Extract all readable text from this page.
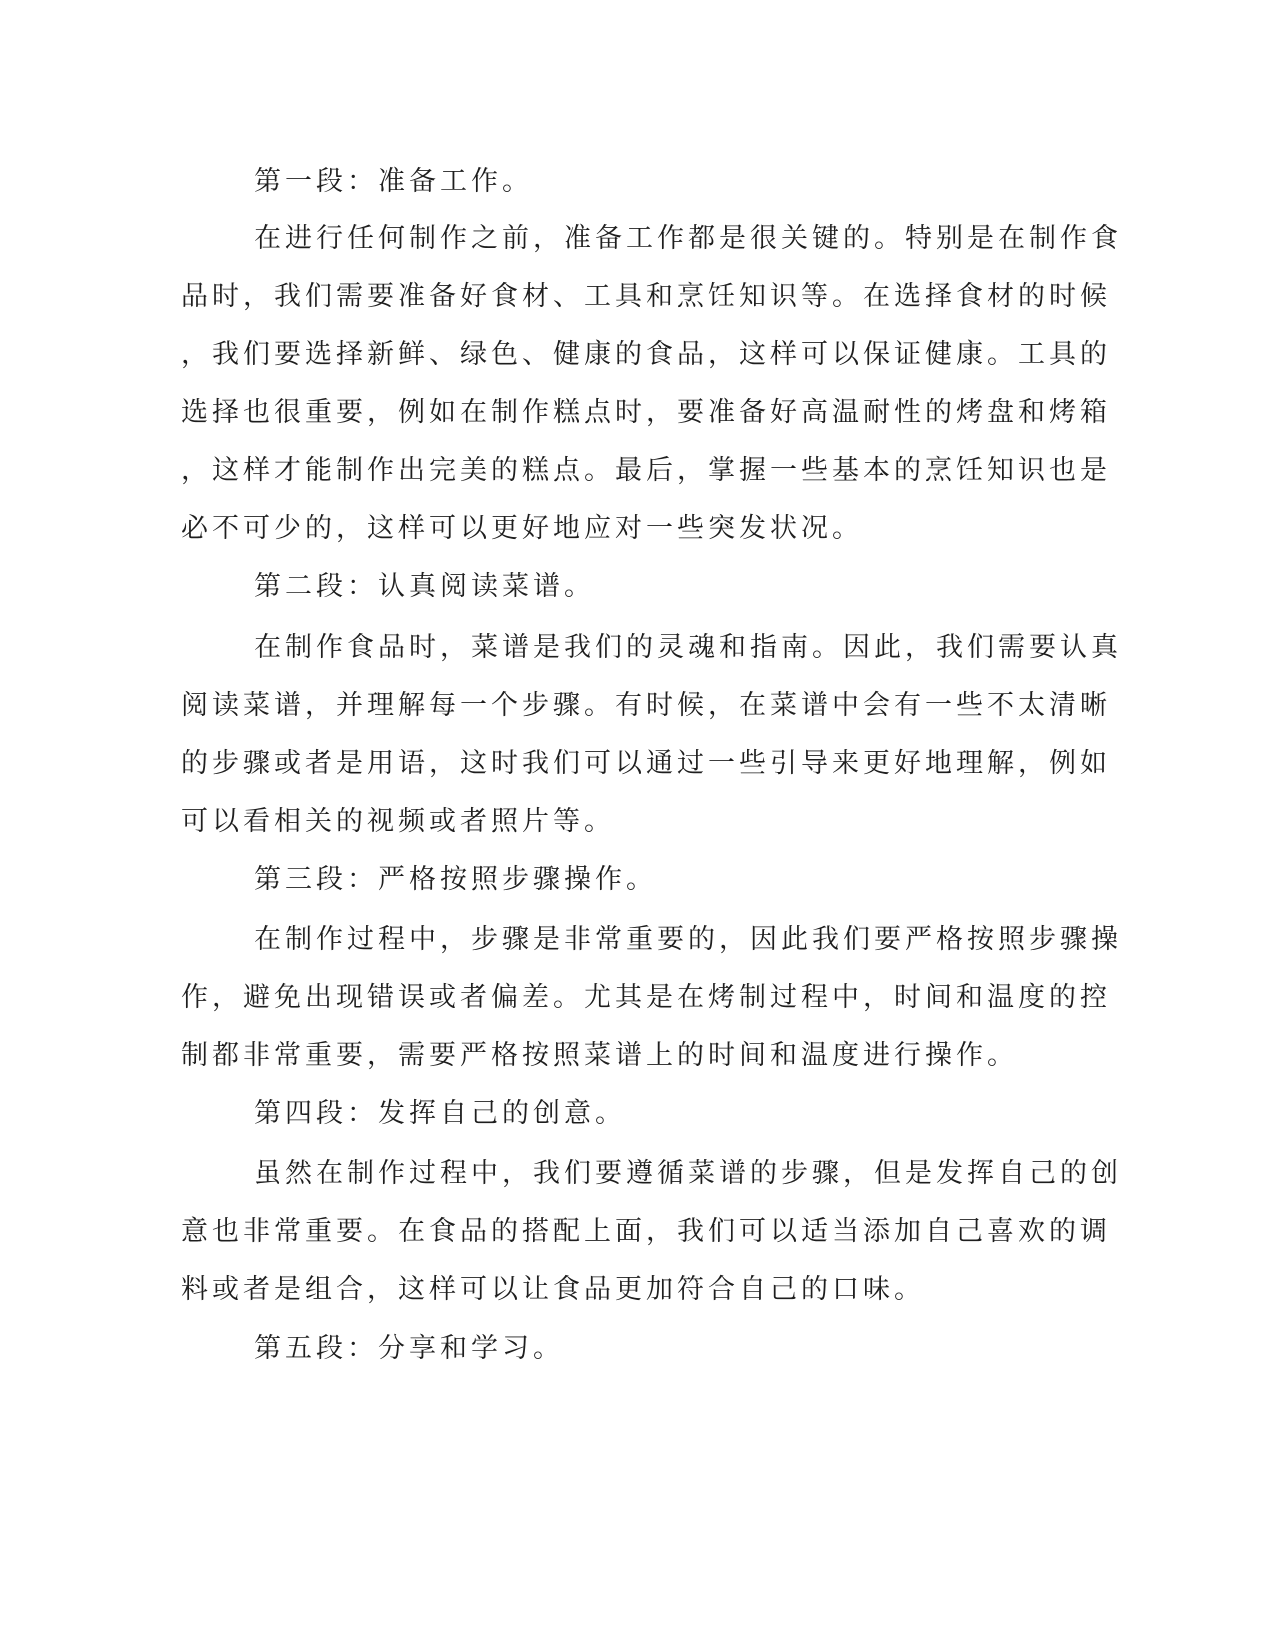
第一段：准备工作。
在进行任何制作之前，准备工作都是很关键的。特别是在制作食
品时，我们需要准备好食材、工具和烹饪知识等。在选择食材的时候
，我们要选择新鲜、绿色、健康的食品，这样可以保证健康。工具的
选择也很重要，例如在制作糕点时，要准备好高温耐性的烤盘和烤箱
，这样才能制作出完美的糕点。最后，掌握一些基本的烹饪知识也是
必不可少的，这样可以更好地应对一些突发状况。
第二段：认真阅读菜谱。
在制作食品时，菜谱是我们的灵魂和指南。因此，我们需要认真
阅读菜谱，并理解每一个步骤。有时候，在菜谱中会有一些不太清晰
的步骤或者是用语，这时我们可以通过一些引导来更好地理解，例如
可以看相关的视频或者照片等。
第三段：严格按照步骤操作。
在制作过程中，步骤是非常重要的，因此我们要严格按照步骤操
作，避免出现错误或者偏差。尤其是在烤制过程中，时间和温度的控
制都非常重要，需要严格按照菜谱上的时间和温度进行操作。
第四段：发挥自己的创意。
虽然在制作过程中，我们要遵循菜谱的步骤，但是发挥自己的创
意也非常重要。在食品的搭配上面，我们可以适当添加自己喜欢的调
料或者是组合，这样可以让食品更加符合自己的口味。
第五段：分享和学习。
